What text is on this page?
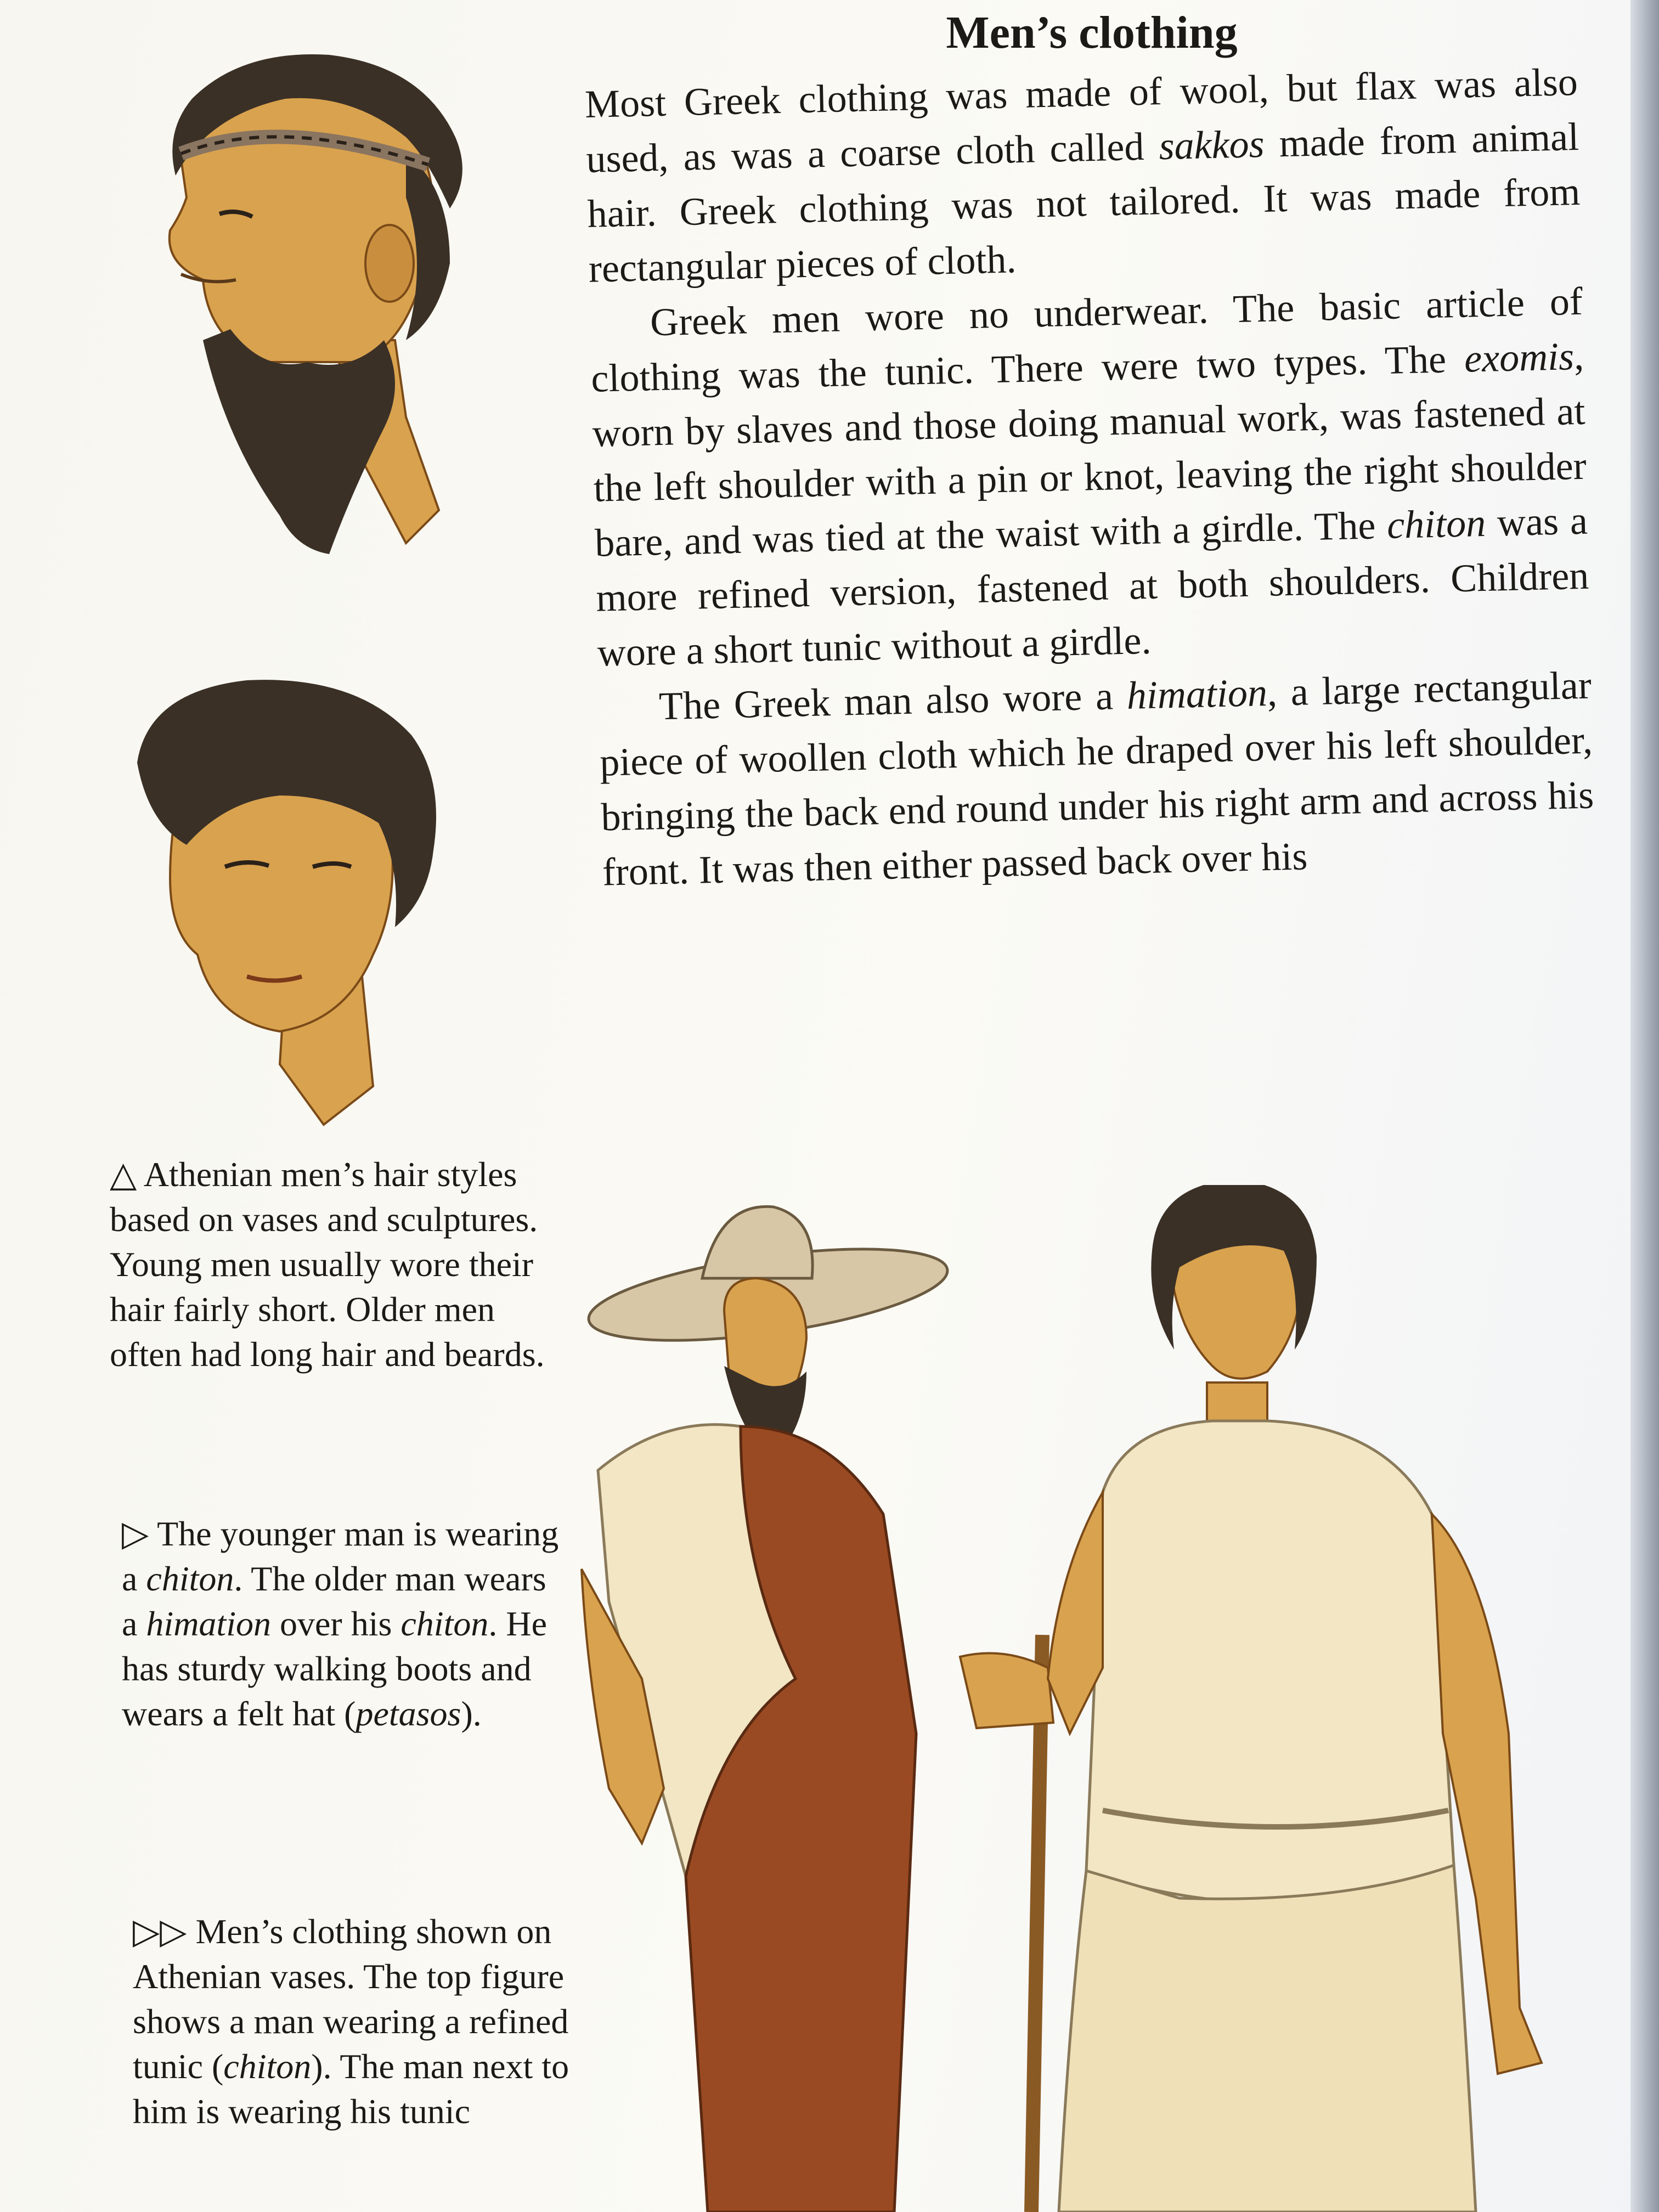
Men’s clothing

Most Greek clothing was made of wool, but flax was also used, as was a coarse cloth called sakkos made from animal hair. Greek clothing was not tailored. It was made from rectangular pieces of cloth.

Greek men wore no underwear. The basic article of clothing was the tunic. There were two types. The exomis, worn by slaves and those doing manual work, was fastened at the left shoulder with a pin or knot, leaving the right shoulder bare, and was tied at the waist with a girdle. The chiton was a more refined version, fastened at both shoulders. Children wore a short tunic without a girdle.

The Greek man also wore a himation, a large rectangular piece of woollen cloth which he draped over his left shoulder, bringing the back end round under his right arm and across his front. It was then either passed back over his

△ Athenian men’s hair styles based on vases and sculptures. Young men usually wore their hair fairly short. Older men often had long hair and beards.

▷ The younger man is wearing a chiton. The older man wears a himation over his chiton. He has sturdy walking boots and wears a felt hat (petasos).

▷▷ Men’s clothing shown on Athenian vases. The top figure shows a man wearing a refined tunic (chiton). The man next to him is wearing his tunic
